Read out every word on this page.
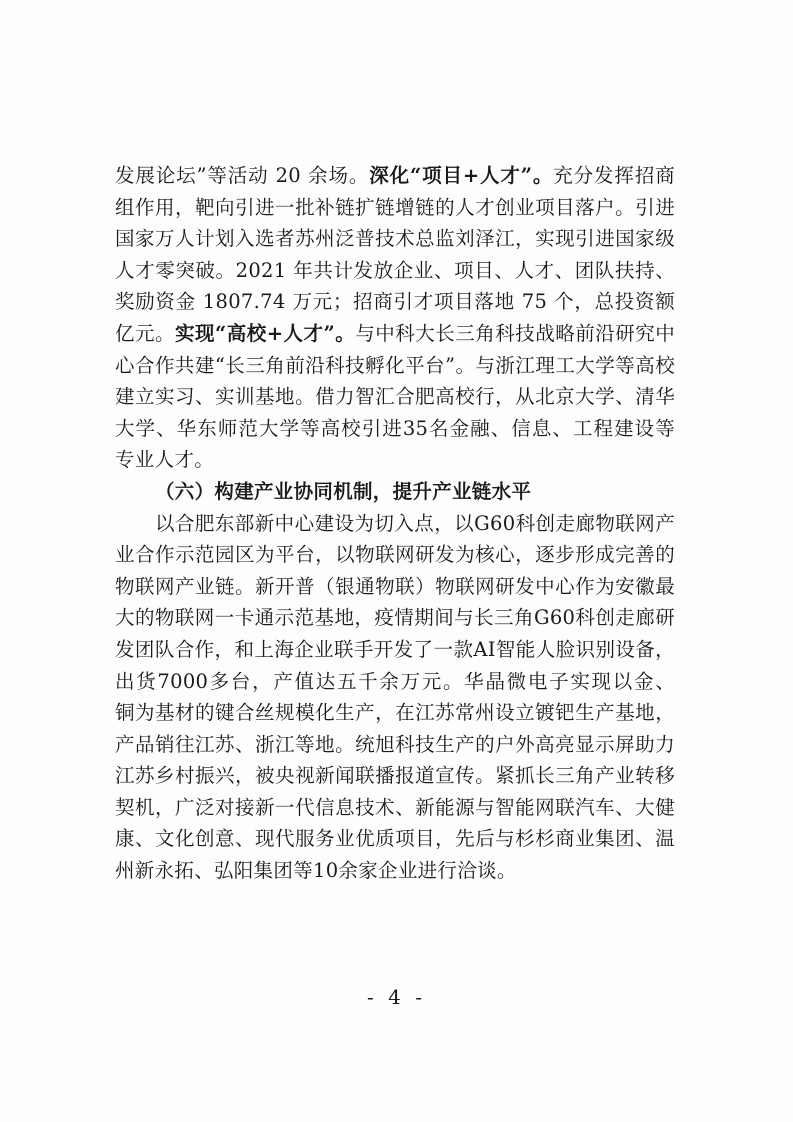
发展论坛”等活动 20 余场。深化“项目+人才”。充分发挥招商
组作用，靶向引进一批补链扩链增链的人才创业项目落户。引进
国家万人计划入选者苏州泛普技术总监刘泽江，实现引进国家级
人才零突破。2021 年共计发放企业、项目、人才、团队扶持、
奖励资金 1807.74 万元；招商引才项目落地 75 个，总投资额
亿元。实现“高校+人才”。与中科大长三角科技战略前沿研究中
心合作共建“长三角前沿科技孵化平台”。与浙江理工大学等高校
建立实习、实训基地。借力智汇合肥高校行，从北京大学、清华
大学、华东师范大学等高校引进35名金融、信息、工程建设等
专业人才。
（六）构建产业协同机制，提升产业链水平
以合肥东部新中心建设为切入点，以G60科创走廊物联网产
业合作示范园区为平台，以物联网研发为核心，逐步形成完善的
物联网产业链。新开普（银通物联）物联网研发中心作为安徽最
大的物联网一卡通示范基地，疫情期间与长三角G60科创走廊研
发团队合作，和上海企业联手开发了一款AI智能人脸识别设备，
出货7000多台，产值达五千余万元。华晶微电子实现以金、
铜为基材的键合丝规模化生产，在江苏常州设立镀钯生产基地，
产品销往江苏、浙江等地。统旭科技生产的户外高亮显示屏助力
江苏乡村振兴，被央视新闻联播报道宣传。紧抓长三角产业转移
契机，广泛对接新一代信息技术、新能源与智能网联汽车、大健
康、文化创意、现代服务业优质项目，先后与杉杉商业集团、温
州新永拓、弘阳集团等10余家企业进行洽谈。
- 4 -
